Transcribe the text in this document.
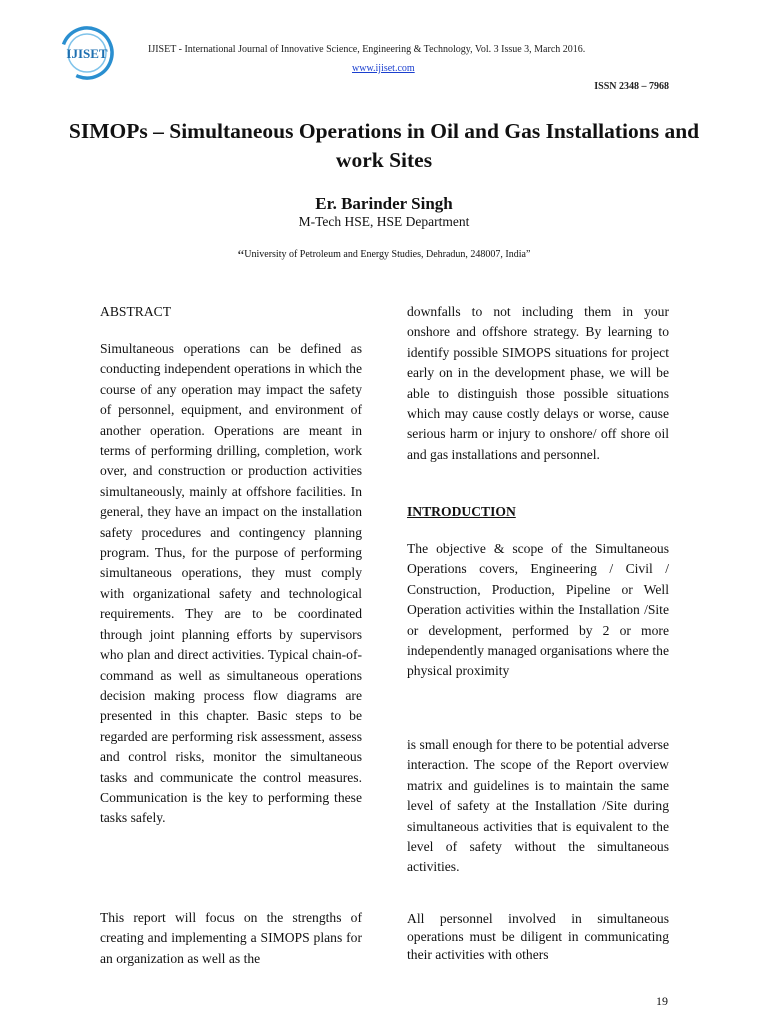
IJISET	IJISET - International Journal of Innovative Science, Engineering & Technology, Vol. 3 Issue 3, March 2016.
www.ijiset.com
ISSN 2348 – 7968
SIMOPs – Simultaneous Operations in Oil and Gas Installations and work Sites
Er. Barinder Singh
M-Tech HSE, HSE Department
“University of Petroleum and Energy Studies, Dehradun, 248007, India”
ABSTRACT

Simultaneous operations can be defined as conducting independent operations in which the course of any operation may impact the safety of personnel, equipment, and environment of another operation. Operations are meant in terms of performing drilling, completion, work over, and construction or production activities simultaneously, mainly at offshore facilities. In general, they have an impact on the installation safety procedures and contingency planning program. Thus, for the purpose of performing simultaneous operations, they must comply with organizational safety and technological requirements. They are to be coordinated through joint planning efforts by supervisors who plan and direct activities. Typical chain-of-command as well as simultaneous operations decision making process flow diagrams are presented in this chapter. Basic steps to be regarded are performing risk assessment, assess and control risks, monitor the simultaneous tasks and communicate the control measures. Communication is the key to performing these tasks safely.

This report will focus on the strengths of creating and implementing a SIMOPS plans for an organization as well as the

downfalls to not including them in your onshore and offshore strategy. By learning to identify possible SIMOPS situations for project early on in the development phase, we will be able to distinguish those possible situations which may cause costly delays or worse, cause serious harm or injury to onshore/ off shore oil and gas installations and personnel.

INTRODUCTION

The objective & scope of the Simultaneous Operations covers, Engineering / Civil / Construction, Production, Pipeline or Well Operation activities within the Installation /Site or development, performed by 2 or more independently managed organisations where the physical proximity

is small enough for there to be potential adverse interaction. The scope of the Report overview matrix and guidelines is to maintain the same level of safety at the Installation /Site during simultaneous activities that is equivalent to the level of safety without the simultaneous activities.

All personnel involved in simultaneous operations must be diligent in communicating their activities with others

19
